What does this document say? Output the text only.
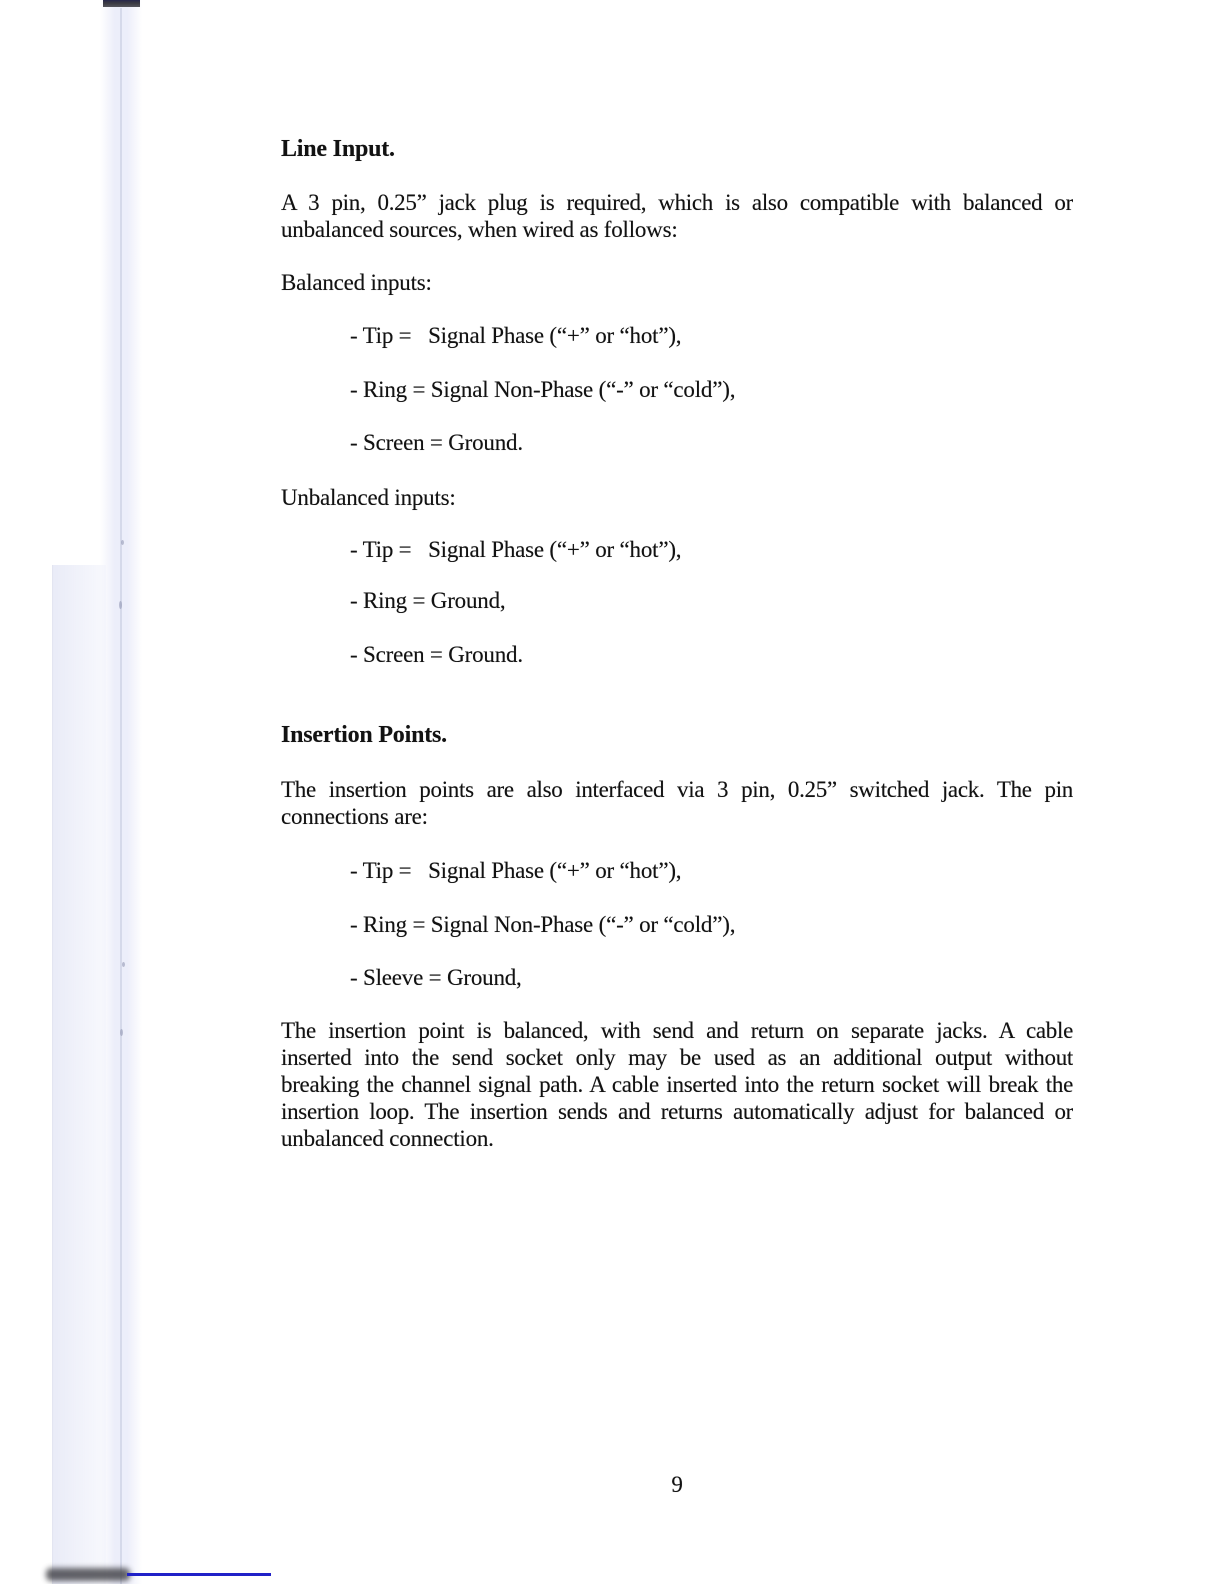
Line Input.
A 3 pin, 0.25” jack plug is required, which is also compatible with balanced or
unbalanced sources, when wired as follows:
Balanced inputs:
- Tip =   Signal Phase (“+” or “hot”),
- Ring = Signal Non-Phase (“-” or “cold”),
- Screen = Ground.
Unbalanced inputs:
- Tip =   Signal Phase (“+” or “hot”),
- Ring = Ground,
- Screen = Ground.
Insertion Points.
The insertion points are also interfaced via 3 pin, 0.25” switched jack. The pin
connections are:
- Tip =   Signal Phase (“+” or “hot”),
- Ring = Signal Non-Phase (“-” or “cold”),
- Sleeve = Ground,
The insertion point is balanced, with send and return on separate jacks. A cable
inserted into the send socket only may be used as an additional output without
breaking the channel signal path. A cable inserted into the return socket will break the
insertion loop. The insertion sends and returns automatically adjust for balanced or
unbalanced connection.
9
